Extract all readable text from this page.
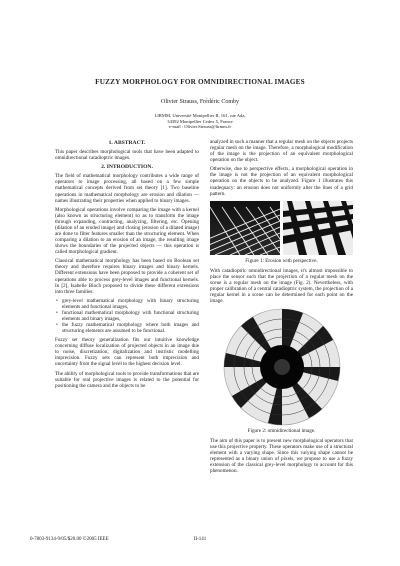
FUZZY MORPHOLOGY FOR OMNIDIRECTIONAL IMAGES
Olivier Strauss, Frédéric Comby
LIRMM, Université Montpellier II, 161, rue Ada,
34392 Montpellier Cedex 5, France
e-mail : Olivier.Strauss@lirmm.fr
1. ABSTRACT.

This paper describes morphological tools that have been adapted to omnidirectional catadioptric images.

2. INTRODUCTION.

The field of mathematical morphology contributes a wide range of operators to image processing, all based on a few simple mathematical concepts derived from set theory [1]. Two baseline operations in mathematical morphology are erosion and dilation — names illustrating their properties when applied to binary images.

Morphological operations involve comparing the image with a kernel (also known as structuring element) so as to transform the image through expanding, contracting, analyzing, filtering, etc. Opening (dilation of an eroded image) and closing (erosion of a dilated image) are done to filter features smaller than the structuring element. When comparing a dilation to an erosion of an image, the resulting image shows the boundaries of the projected objects — this operation is called morphological gradient.

Classical mathematical morphology has been based on Boolean set theory and therefore requires binary images and binary kernels. Different extensions have been proposed to provide a coherent set of operations able to process grey-level images and functional kernels. In [2], Isabelle Bloch proposed to divide these different extensions into three families:

• grey-level mathematical morphology with binary structuring elements and functional images,
• functional mathematical morphology with functional structuring elements and binary images,
• the fuzzy mathematical morphology where both images and structuring elements are assumed to be functional.

Fuzzy set theory generalization fits our intuitive knowledge concerning diffuse localization of projected objects in an image due to noise, discretization, digitalization and instristic modelling imprecision. Fuzzy sets can represent both imprecision and uncertainty from the signal level to the highest decision level.

The ability of morphological tools to provide transformations that are suitable for real projective images is related to the potential for positioning the camera and the objects to be

analyzed in such a manner that a regular mesh on the objects projects regular mesh on the image. Therefore, a morphological modification of the image is the projection of an equivalent morphological operation on the object.

Otherwise, due to perspective effects, a morphological operation in the image is not the projection of an equivalent morphological operation on the objects to be analyzed. Figure 1 illustrates this inadequacy: an erosion does not uniformly alter the lines of a grid pattern.

Figure 1: Erosion with perspective.

With catadioptric omnidirectional images, it's almost impossible to place the sensor such that the projection of a regular mesh on the scene is a regular mesh on the image (Fig. 2). Nevertheless, with proper calibration of a central catadioptric system, the projection of a regular kernel in a scene can be determined for each point on the image.

Figure 2: omnidirectional image.

The aim of this paper is to present new morphological operators that use this projective property. These operators make use of a structural element with a varying shape. Since this varying shape cannot be represented as a binary union of pixels, we propose to use a fuzzy extension of the classical grey-level morphology to account for this phenomenon.

0-7803-9134-9/05/$20.00 ©2005 IEEE	II-141
